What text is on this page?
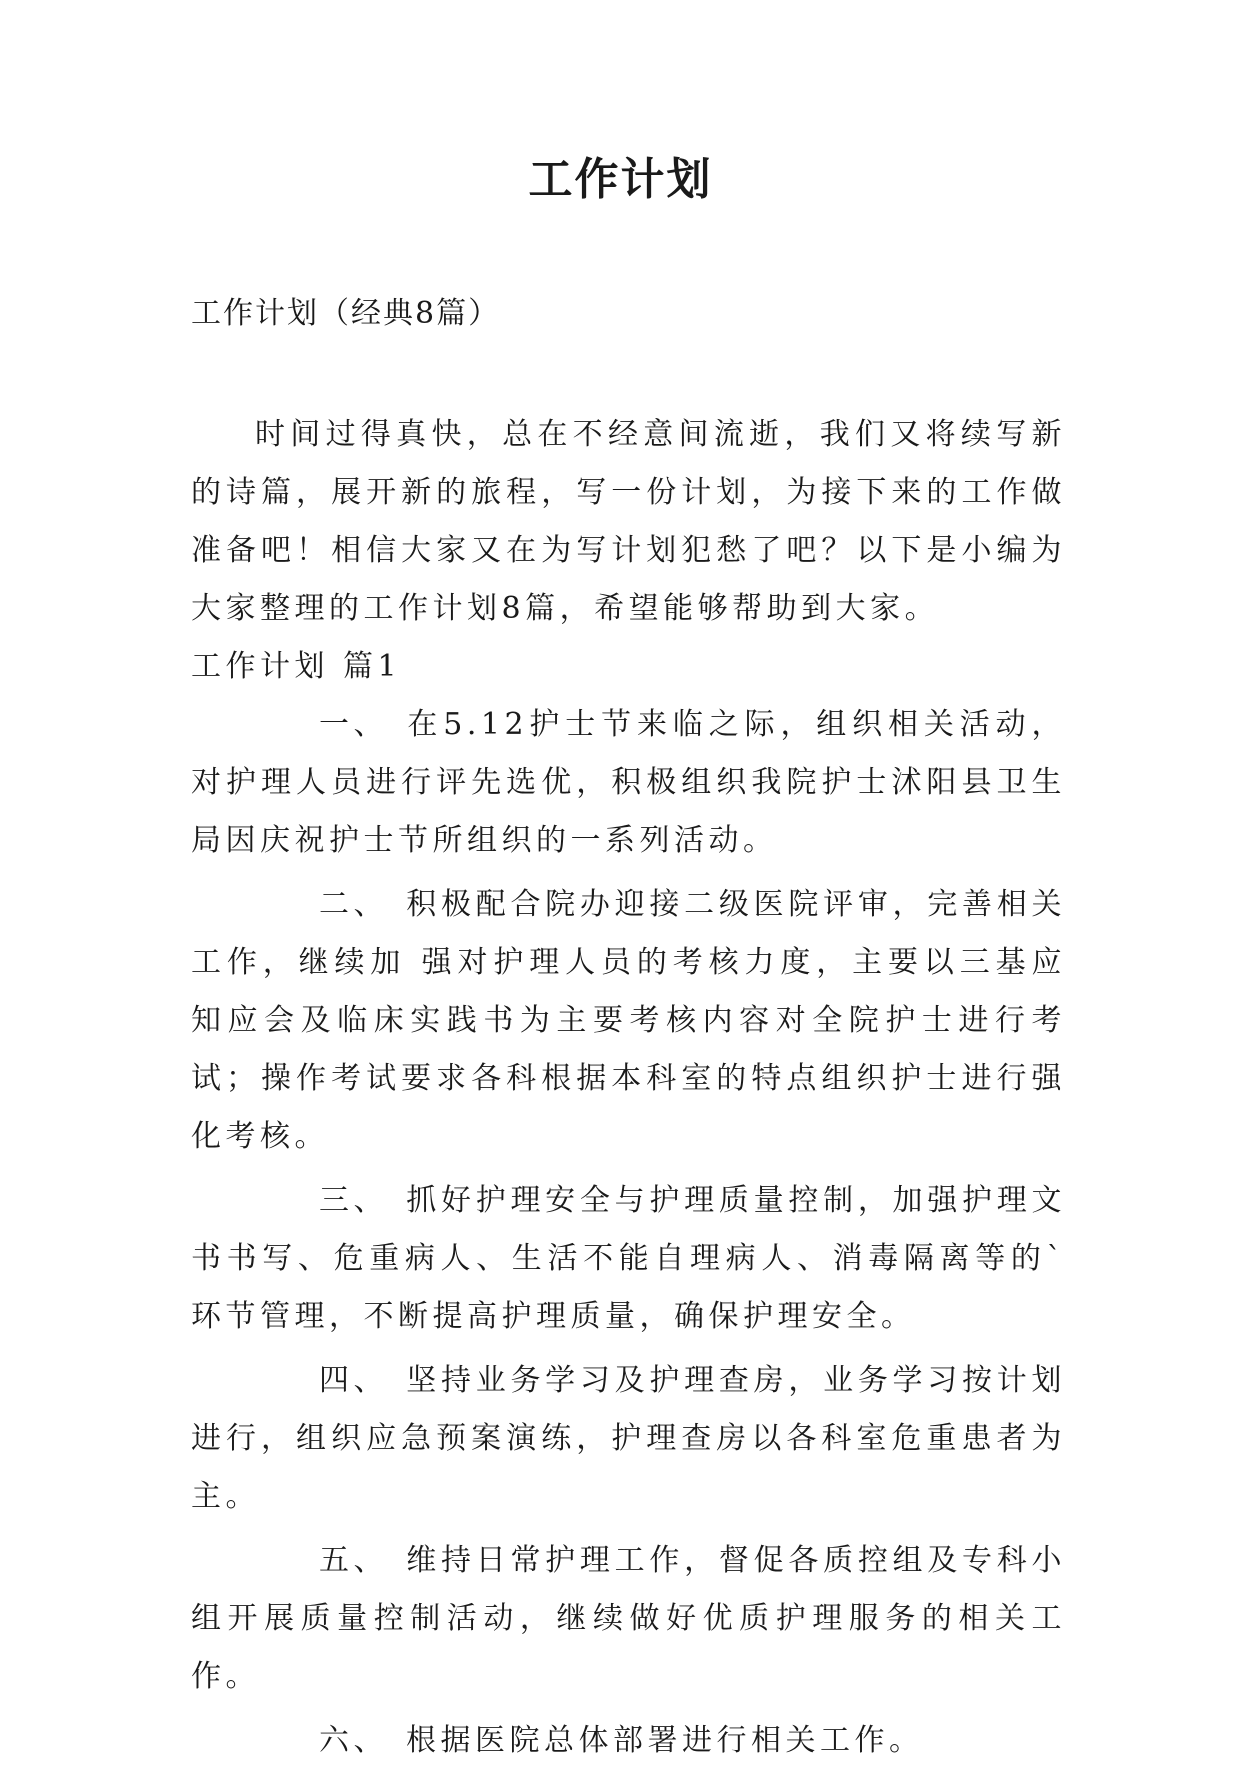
工作计划
工作计划（经典8篇）

时间过得真快，总在不经意间流逝，我们又将续写新的诗篇，展开新的旅程，写一份计划，为接下来的工作做准备吧！相信大家又在为写计划犯愁了吧？以下是小编为大家整理的工作计划8篇，希望能够帮助到大家。

工作计划 篇1

一、 在5.12护士节来临之际，组织相关活动，对护理人员进行评先选优，积极组织我院护士沭阳县卫生局因庆祝护士节所组织的一系列活动。

二、 积极配合院办迎接二级医院评审，完善相关工作，继续加 强对护理人员的考核力度，主要以三基应知应会及临床实践书为主要考核内容对全院护士进行考试；操作考试要求各科根据本科室的特点组织护士进行强化考核。

三、 抓好护理安全与护理质量控制，加强护理文书书写、危重病人、生活不能自理病人、消毒隔离等的`环节管理，不断提高护理质量，确保护理安全。

四、 坚持业务学习及护理查房，业务学习按计划进行，组织应急预案演练，护理查房以各科室危重患者为主。

五、 维持日常护理工作，督促各质控组及专科小组开展质量控制活动，继续做好优质护理服务的相关工作。

六、 根据医院总体部署进行相关工作。
